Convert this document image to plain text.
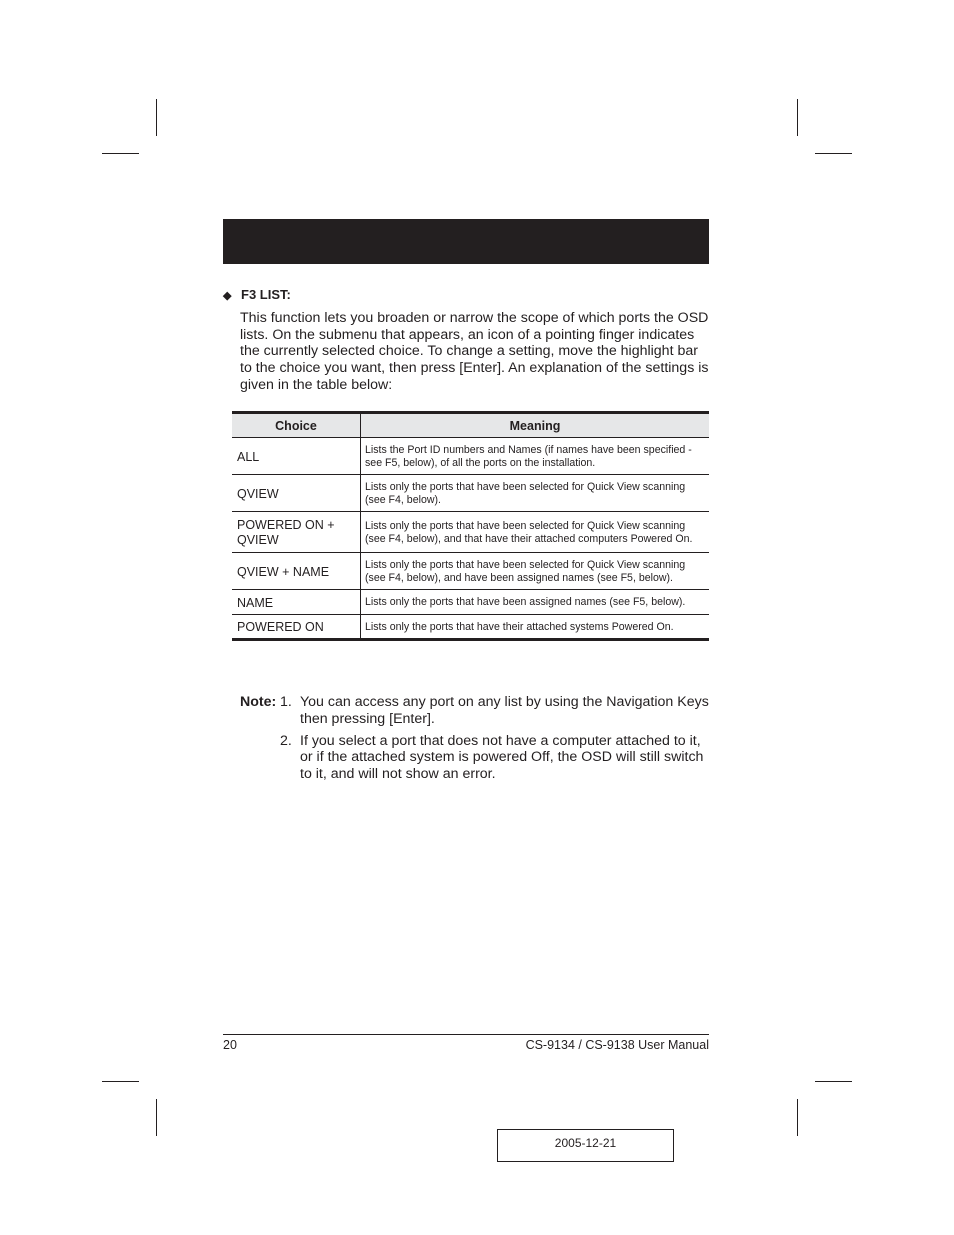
◆ F3 LIST:
This function lets you broaden or narrow the scope of which ports the OSD lists. On the submenu that appears, an icon of a pointing finger indicates the currently selected choice. To change a setting, move the highlight bar to the choice you want, then press [Enter]. An explanation of the settings is given in the table below:
Choice	Meaning
ALL	Lists the Port ID numbers and Names (if names have been specified - see F5, below), of all the ports on the installation.
QVIEW	Lists only the ports that have been selected for Quick View scanning (see F4, below).
POWERED ON + QVIEW	Lists only the ports that have been selected for Quick View scanning (see F4, below), and that have their attached computers Powered On.
QVIEW + NAME	Lists only the ports that have been selected for Quick View scanning (see F4, below), and have been assigned names (see F5, below).
NAME	Lists only the ports that have been assigned names (see F5, below).
POWERED ON	Lists only the ports that have their attached systems Powered On.
Note: 1. You can access any port on any list by using the Navigation Keys then pressing [Enter].
2. If you select a port that does not have a computer attached to it, or if the attached system is powered Off, the OSD will still switch to it, and will not show an error.
20	CS-9134 / CS-9138 User Manual
2005-12-21
